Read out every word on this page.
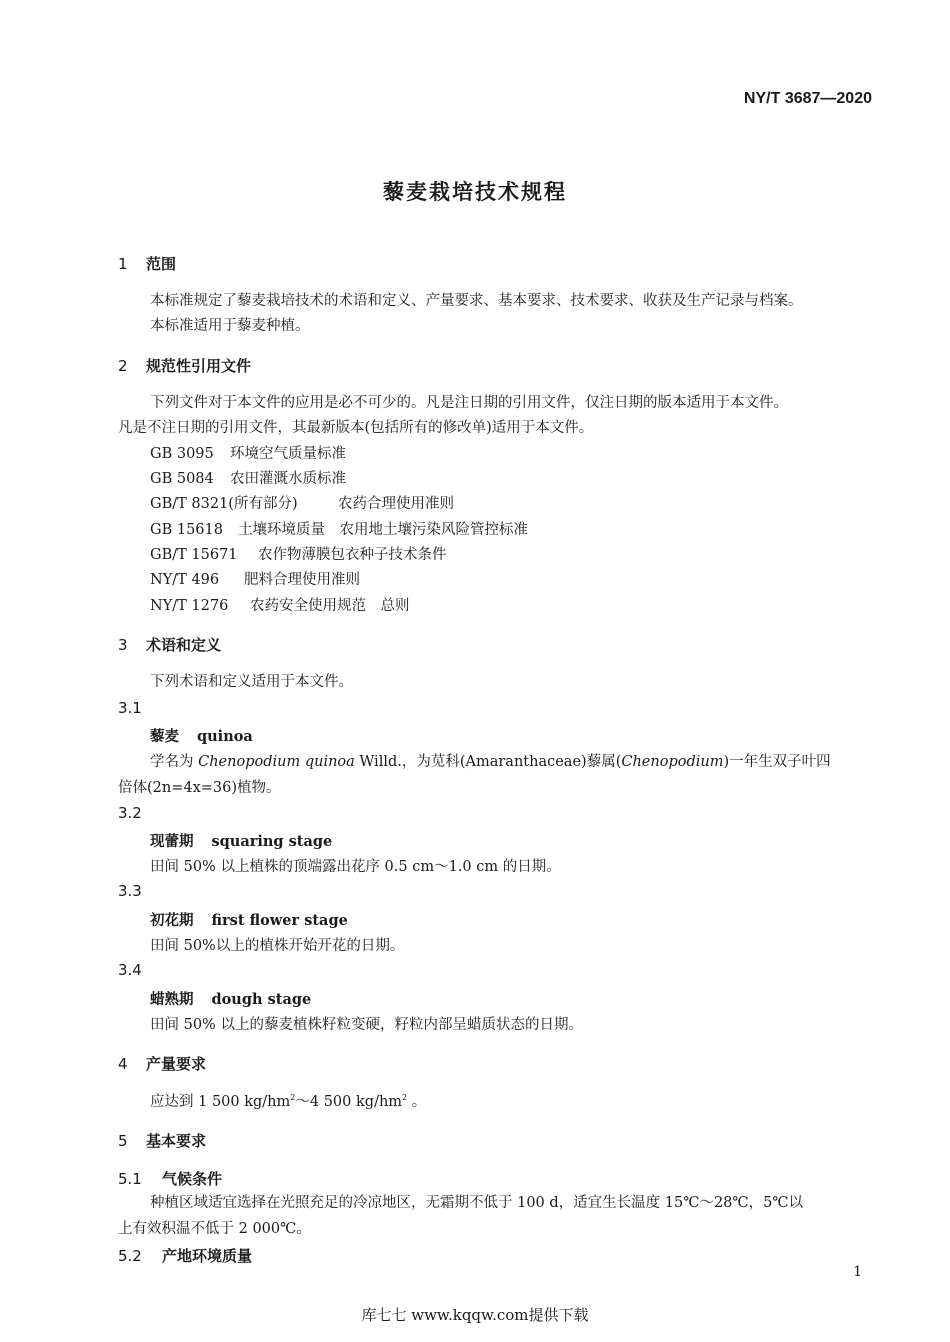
NY/T 3687—2020
藜麦栽培技术规程
1 范围
本标准规定了藜麦栽培技术的术语和定义、产量要求、基本要求、技术要求、收获及生产记录与档案。
本标准适用于藜麦种植。
2 规范性引用文件
下列文件对于本文件的应用是必不可少的。凡是注日期的引用文件，仅注日期的版本适用于本文件。
凡是不注日期的引用文件，其最新版本(包括所有的修改单)适用于本文件。
GB 3095 环境空气质量标准
GB 5084 农田灌溉水质标准
GB/T 8321(所有部分)	农药合理使用准则
GB 15618 土壤环境质量　农用地土壤污染风险管控标准
GB/T 15671 农作物薄膜包衣种子技术条件
NY/T 496 肥料合理使用准则
NY/T 1276 农药安全使用规范　总则
3 术语和定义
下列术语和定义适用于本文件。
3.1
藜麦 quinoa
学名为 Chenopodium quinoa Willd.，为苋科(Amaranthaceae)藜属(Chenopodium)一年生双子叶四
倍体(2n=4x=36)植物。
3.2
现蕾期 squaring stage
田间 50% 以上植株的顶端露出花序 0.5 cm～1.0 cm 的日期。
3.3
初花期 first flower stage
田间 50%以上的植株开始开花的日期。
3.4
蜡熟期 dough stage
田间 50% 以上的藜麦植株籽粒变硬，籽粒内部呈蜡质状态的日期。
4 产量要求
应达到 1 500 $kg/hm^2\sim 4$ 500 $kg/hm^2$ 。
5 基本要求
5.1 气候条件
种植区域适宜选择在光照充足的冷凉地区，无霜期不低于 100 d，适宜生长温度 15℃～28℃，5℃以
上有效积温不低于 2 000℃。
5.2 产地环境质量
1
库七七 www.kqqw.com提供下载
